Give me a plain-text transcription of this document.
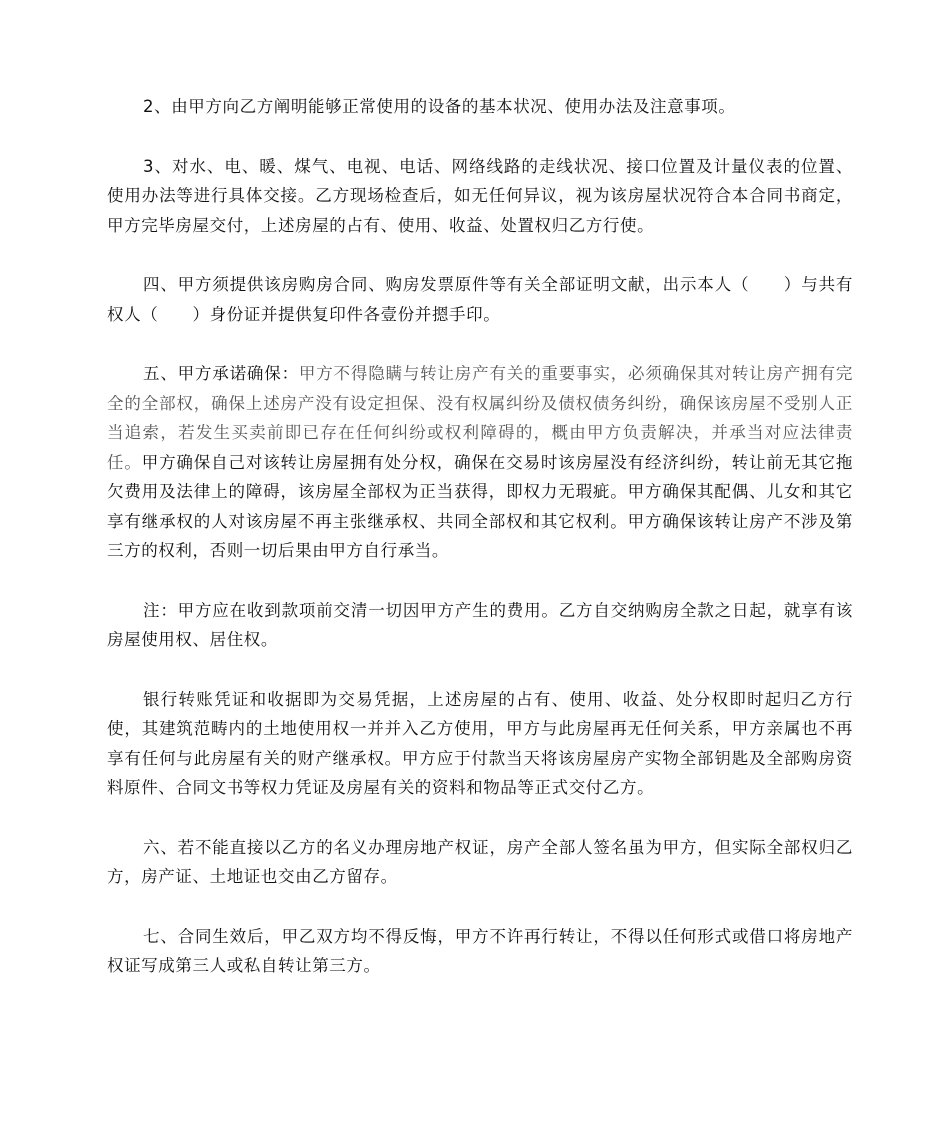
2、由甲方向乙方阐明能够正常使用的设备的基本状况、使用办法及注意事项。

3、对水、电、暖、煤气、电视、电话、网络线路的走线状况、接口位置及计量仪表的位置、使用办法等进行具体交接。乙方现场检查后，如无任何异议，视为该房屋状况符合本合同书商定，甲方完毕房屋交付，上述房屋的占有、使用、收益、处置权归乙方行使。

四、甲方须提供该房购房合同、购房发票原件等有关全部证明文献，出示本人（　　）与共有权人（　　）身份证并提供复印件各壹份并摁手印。

五、甲方承诺确保：甲方不得隐瞒与转让房产有关的重要事实，必须确保其对转让房产拥有完全的全部权，确保上述房产没有设定担保、没有权属纠纷及债权债务纠纷，确保该房屋不受别人正当追索，若发生买卖前即已存在任何纠纷或权利障碍的，概由甲方负责解决，并承当对应法律责任。甲方确保自己对该转让房屋拥有处分权，确保在交易时该房屋没有经济纠纷，转让前无其它拖欠费用及法律上的障碍，该房屋全部权为正当获得，即权力无瑕疵。甲方确保其配偶、儿女和其它享有继承权的人对该房屋不再主张继承权、共同全部权和其它权利。甲方确保该转让房产不涉及第三方的权利，否则一切后果由甲方自行承当。

注：甲方应在收到款项前交清一切因甲方产生的费用。乙方自交纳购房全款之日起，就享有该房屋使用权、居住权。

银行转账凭证和收据即为交易凭据，上述房屋的占有、使用、收益、处分权即时起归乙方行使，其建筑范畴内的土地使用权一并并入乙方使用，甲方与此房屋再无任何关系，甲方亲属也不再享有任何与此房屋有关的财产继承权。甲方应于付款当天将该房屋房产实物全部钥匙及全部购房资料原件、合同文书等权力凭证及房屋有关的资料和物品等正式交付乙方。

六、若不能直接以乙方的名义办理房地产权证，房产全部人签名虽为甲方，但实际全部权归乙方，房产证、土地证也交由乙方留存。

七、合同生效后，甲乙双方均不得反悔，甲方不许再行转让，不得以任何形式或借口将房地产权证写成第三人或私自转让第三方。
